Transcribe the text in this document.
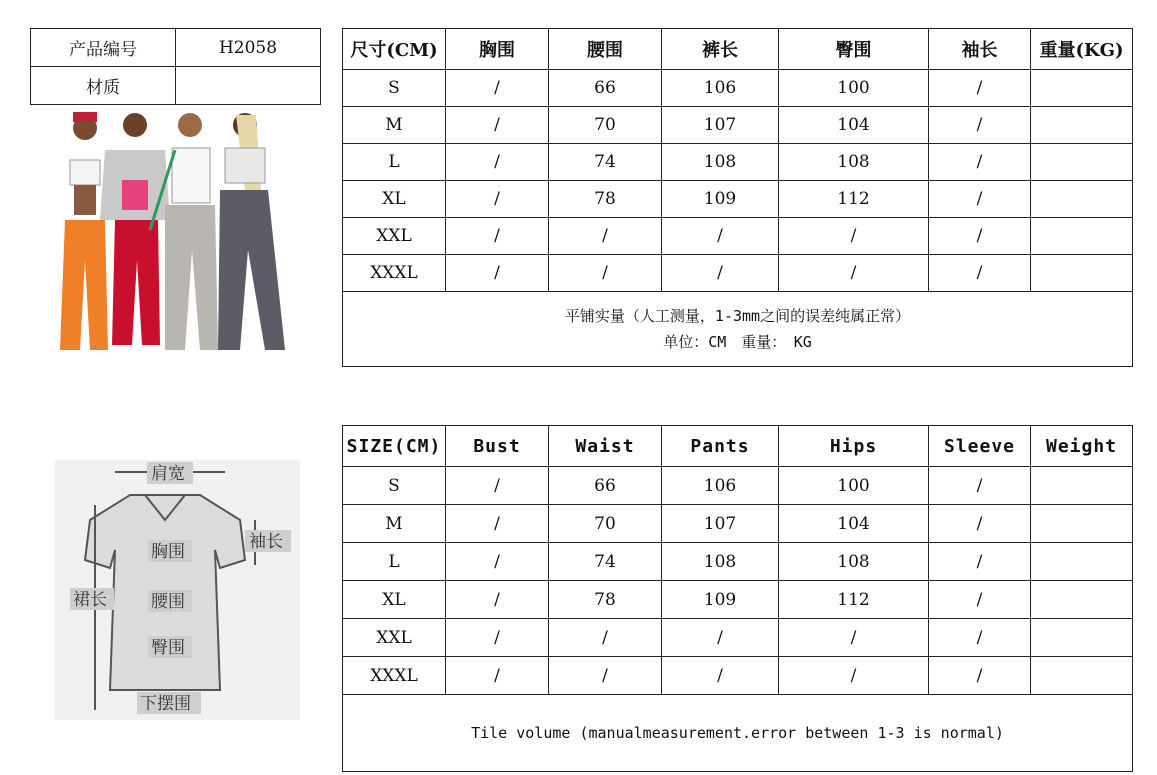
产品编号	H2058
材质	
尺寸(CM)	胸围	腰围	裤长	臀围	袖长	重量(KG)
S	/	66	106	100	/	
M	/	70	107	104	/	
L	/	74	108	108	/	
XL	/	78	109	112	/	
XXL	/	/	/	/	/	
XXXL	/	/	/	/	/	

平铺实量（人工测量，1-3mm之间的误差纯属正常）
单位：CM　重量：　KG						
肩宽
袖长
胸围
裙长	腰围
臀围
下摆围
SIZE(CM)	Bust	Waist	Pants	Hips	Sleeve	Weight
S	/	66	106	100	/	
M	/	70	107	104	/	
L	/	74	108	108	/	
XL	/	78	109	112	/	
XXL	/	/	/	/	/	
XXXL	/	/	/	/	/	
Tile volume (manualmeasurement.error between 1-3 is normal)						
